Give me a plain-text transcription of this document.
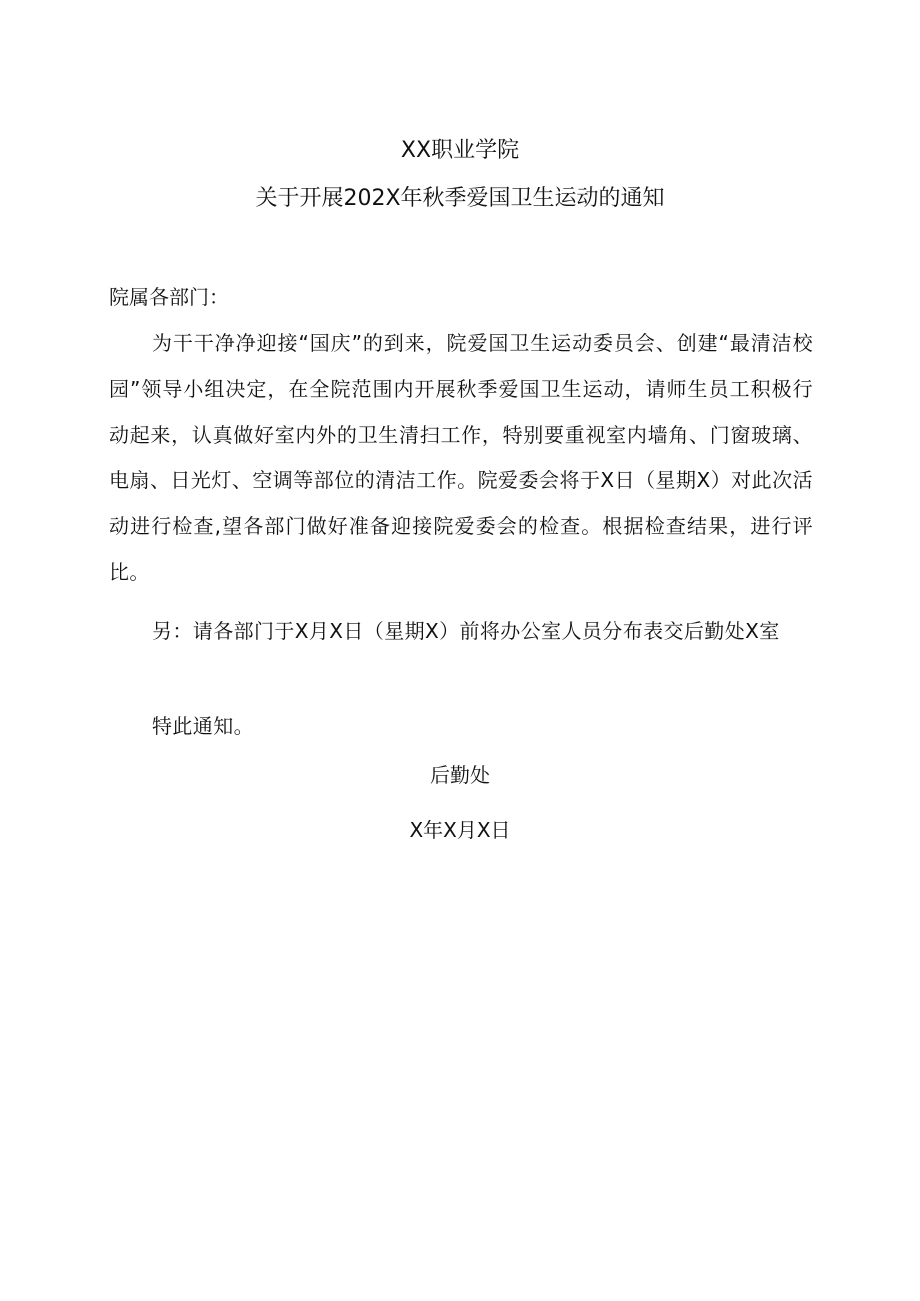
XX职业学院
关于开展202X年秋季爱国卫生运动的通知
院属各部门：

为干干净净迎接“国庆”的到来，院爱国卫生运动委员会、创建“最清洁校园”领导小组决定，在全院范围内开展秋季爱国卫生运动，请师生员工积极行动起来，认真做好室内外的卫生清扫工作，特别要重视室内墙角、门窗玻璃、电扇、日光灯、空调等部位的清洁工作。院爱委会将于X日（星期X）对此次活动进行检查,望各部门做好准备迎接院爱委会的检查。根据检查结果，进行评比。

另：请各部门于X月X日（星期X）前将办公室人员分布表交后勤处X室

特此通知。

后勤处
X年X月X日
